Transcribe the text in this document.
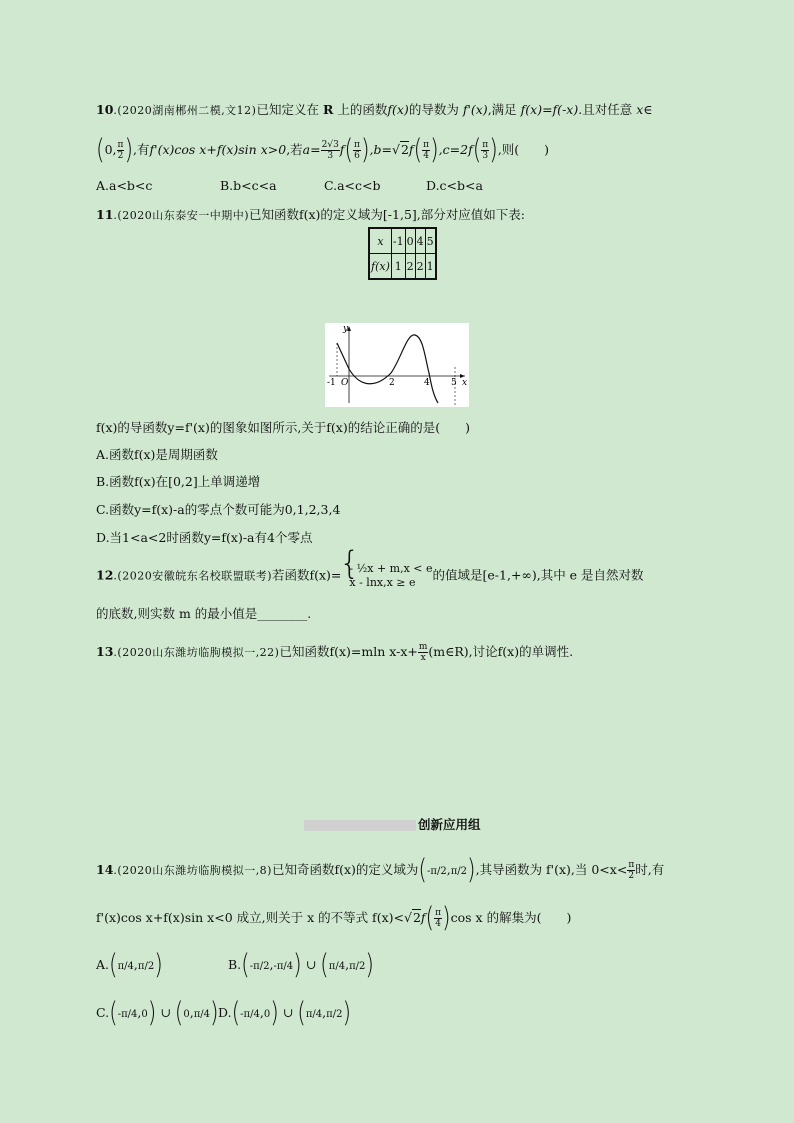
10.(2020湖南郴州二模,文12)已知定义在 R 上的函数f(x)的导数为 f'(x),满足 f(x)=f(-x).且对任意 x∈
(0, $\frac{\pi}{2}$ ),有f'(x)cos x+f(x)sin x>0,若$a= \frac{2√3}{3} f( \frac{\pi}{6} ),b=√2f( \frac{\pi}{4} ),c=2f( \frac{\pi}{3}$ ),则(　　)
A.a<b<c	B.b<c<a	C.a<c<b	D.c<b<a
11.(2020山东泰安一中期中)已知函数f(x)的定义域为[-1,5],部分对应值如下表:
x	-1	0	4	5
f(x)	1	2	2	1
y
x
O
-1	2	4 5
f(x)的导函数y=f'(x)的图象如图所示,关于f(x)的结论正确的是(　　)
A.函数f(x)是周期函数
B.函数f(x)在[0,2]上单调递增
C.函数y=f(x)-a的零点个数可能为0,1,2,3,4
D.当1<a<2时函数y=f(x)-a有4个零点
12.(2020安徽皖东名校联盟联考)若函数f(x)= { - ½x + m,x < e
x - lnx,x ≥ e	的值域是[e-1,+∞),其中 e 是自然对数
的底数,则实数 m 的最小值是________.
13.(2020山东潍坊临朐模拟一,22)已知函数f(x)=mln $x-x+ \frac{m}{x}$ (m∈R),讨论f(x)的单调性.
创新应用组
14.(2020山东潍坊临朐模拟一,8)已知奇函数f(x)的定义域为(-π/2,π/2),其导函数为 f'(x),当 $0<x< \frac{\pi}{2}$ 时,有
f'(x)cos x+f(x)sin x<0 成立,则关于 x 的不等式 $f(x)<√2f( \frac{\pi}{4} )\cos$ x 的解集为(　　)
A.(π/4,π/2)	B.(-π/2,-π/4) ∪ (π/4,π/2)
C.(-π/4,0) ∪ (0,π/4) D.(-π/4,0) ∪ (π/4,π/2)
